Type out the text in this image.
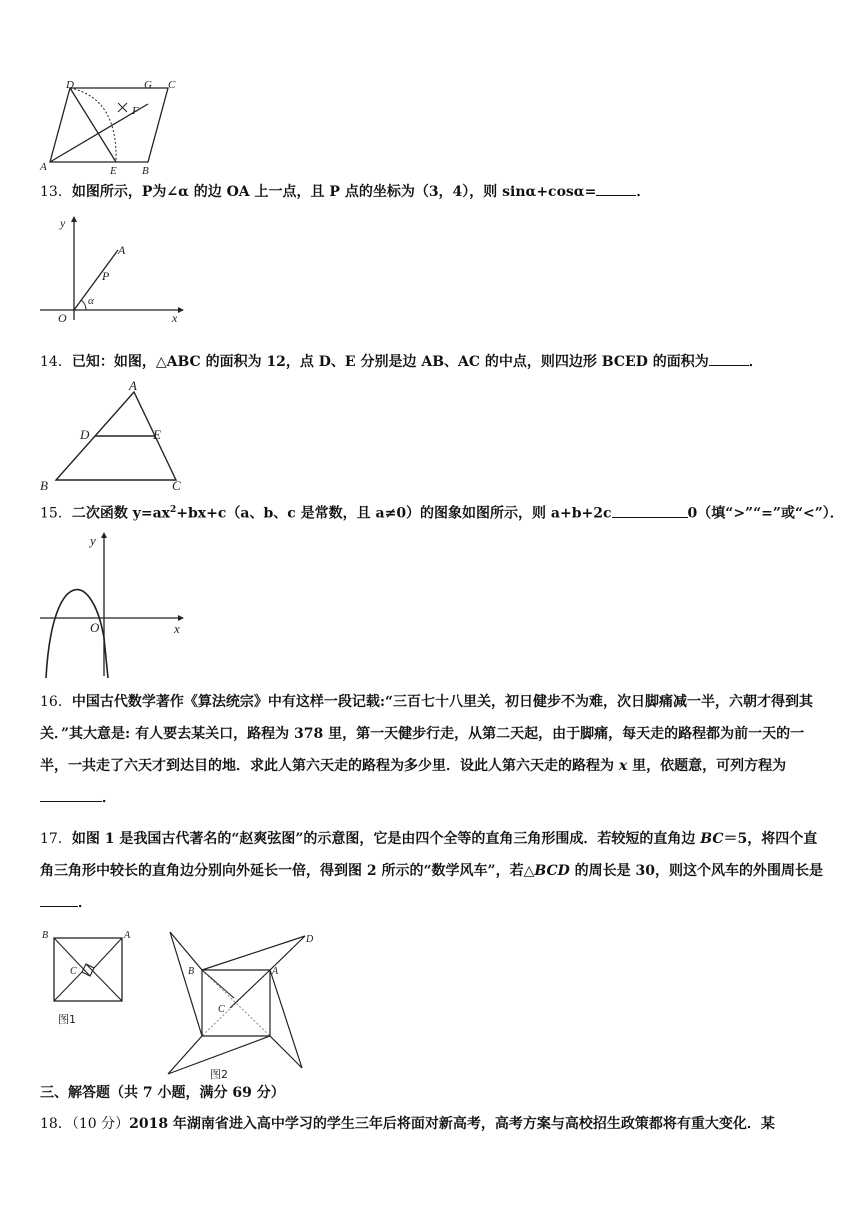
D	G C
F
A	E B
13．如图所示，P为∠α 的边 OA 上一点，且 P 点的坐标为（3，4），则 sinα+cosα=	．
y
A
P
α
O	x
14．已知：如图，△ABC 的面积为 12，点 D、E 分别是边 AB、AC 的中点，则四边形 BCED 的面积为	．
A
D	E
B	C
15．二次函数 $y=ax^2+bx+c(a$、b、c 是常数，且 a≠0）的图象如图所示，则 a+b+2c	0（填“>”“=”或“<”）．
y
O	x
16．中国古代数学著作《算法统宗》中有这样一段记载:“三百七十八里关，初日健步不为难，次日脚痛减一半，六朝才得到其关．”其大意是: 有人要去某关口，路程为 378 里，第一天健步行走，从第二天起，由于脚痛，每天走的路程都为前一天的一半，一共走了六天才到达目的地．求此人第六天走的路程为多少里．设此人第六天走的路程为 x 里，依题意，可列方程为．
17．如图 1 是我国古代著名的“赵爽弦图”的示意图，它是由四个全等的直角三角形围成．若较短的直角边 BC＝5，将四个直角三角形中较长的直角边分别向外延长一倍，得到图 2 所示的“数学风车”，若△BCD 的周长是 30，则这个风车的外围周长是．
B	A
C
图1
D
B	A
C
图2
三、解答题（共 7 小题，满分 69 分）
18．（10 分）2018 年湖南省进入高中学习的学生三年后将面对新高考，高考方案与高校招生政策都将有重大变化．某
